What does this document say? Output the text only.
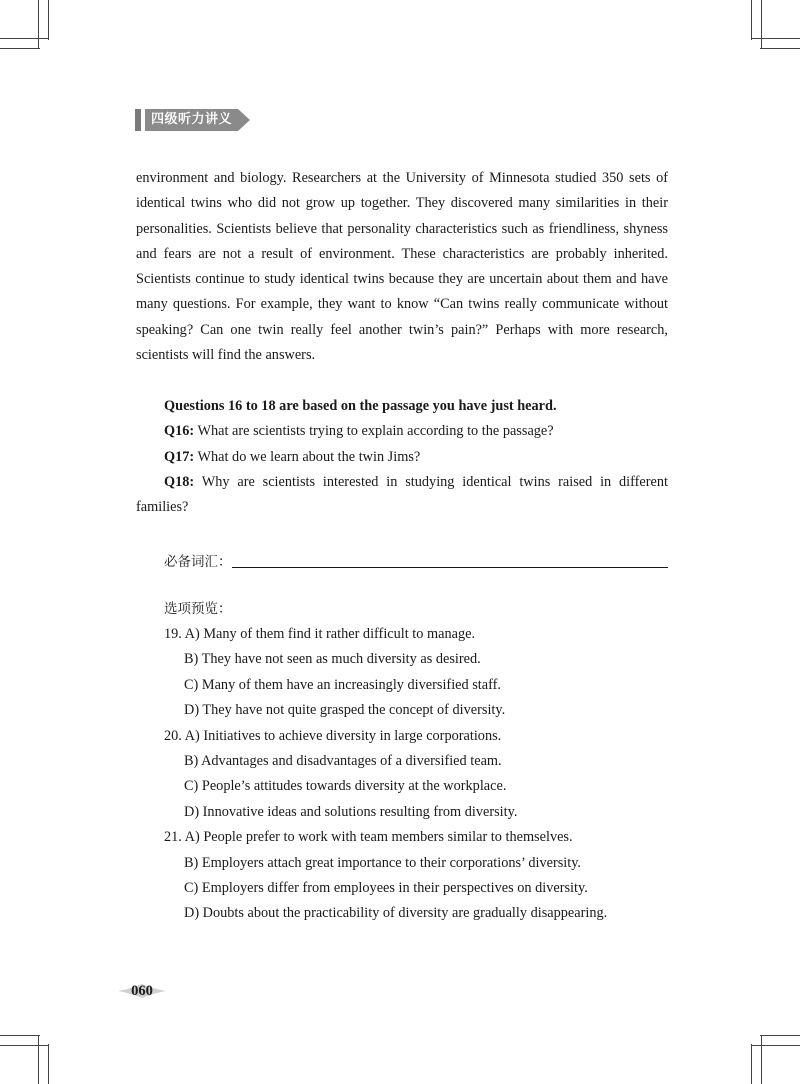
四级听力讲义

environment and biology. Researchers at the University of Minnesota studied 350 sets of identical twins who did not grow up together. They discovered many similarities in their personalities. Scientists believe that personality characteristics such as friendliness, shyness and fears are not a result of environment. These characteristics are probably inherited. Scientists continue to study identical twins because they are uncertain about them and have many questions. For example, they want to know “Can twins really communicate without speaking? Can one twin really feel another twin’s pain?” Perhaps with more research, scientists will find the answers.

Questions 16 to 18 are based on the passage you have just heard.

Q16: What are scientists trying to explain according to the passage?

Q17: What do we learn about the twin Jims?

Q18: Why are scientists interested in studying identical twins raised in different families?

必备词汇：
选项预览：
19. A) Many of them find it rather difficult to manage.
B) They have not seen as much diversity as desired.
C) Many of them have an increasingly diversified staff.
D) They have not quite grasped the concept of diversity.
20. A) Initiatives to achieve diversity in large corporations.
B) Advantages and disadvantages of a diversified team.
C) People’s attitudes towards diversity at the workplace.
D) Innovative ideas and solutions resulting from diversity.
21. A) People prefer to work with team members similar to themselves.
B) Employers attach great importance to their corporations’ diversity.
C) Employers differ from employees in their perspectives on diversity.
D) Doubts about the practicability of diversity are gradually disappearing.
060
